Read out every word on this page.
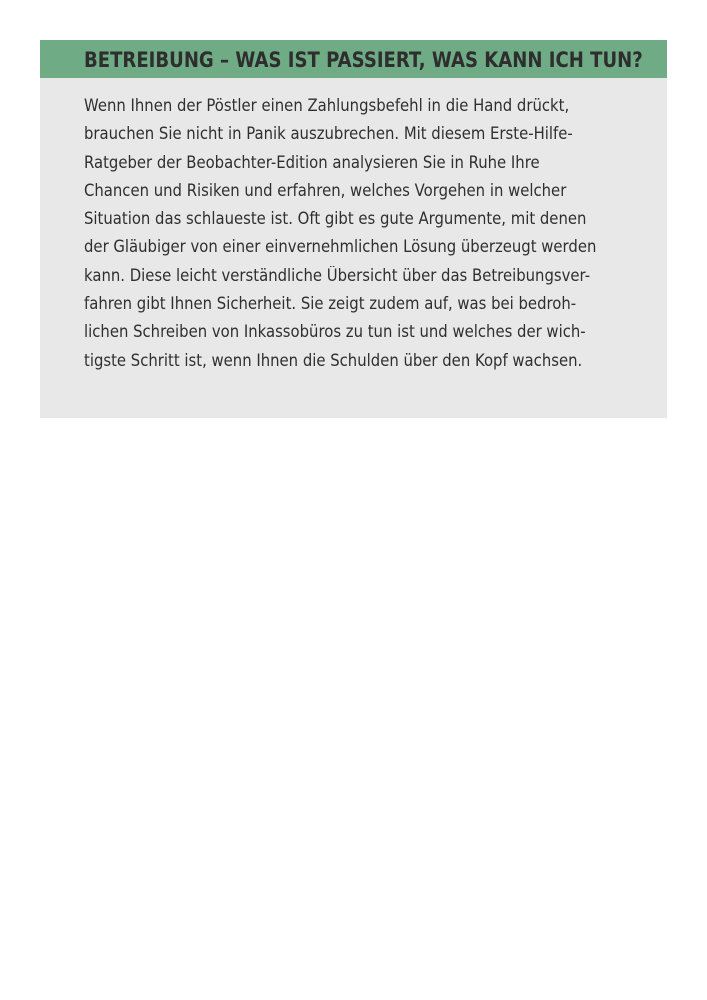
BETREIBUNG – WAS IST PASSIERT, WAS KANN ICH TUN?

Wenn Ihnen der Pöstler einen Zahlungsbefehl in die Hand drückt,
brauchen Sie nicht in Panik auszubrechen. Mit diesem Erste-Hilfe-
Ratgeber der Beobachter-Edition analysieren Sie in Ruhe Ihre
Chancen und Risiken und erfahren, welches Vorgehen in welcher
Situation das schlaueste ist. Oft gibt es gute Argumente, mit denen
der Gläubiger von einer einvernehmlichen Lösung überzeugt werden
kann. Diese leicht verständliche Übersicht über das Betreibungsver-
fahren gibt Ihnen Sicherheit. Sie zeigt zudem auf, was bei bedroh-
lichen Schreiben von Inkassobüros zu tun ist und welches der wich-
tigste Schritt ist, wenn Ihnen die Schulden über den Kopf wachsen.
